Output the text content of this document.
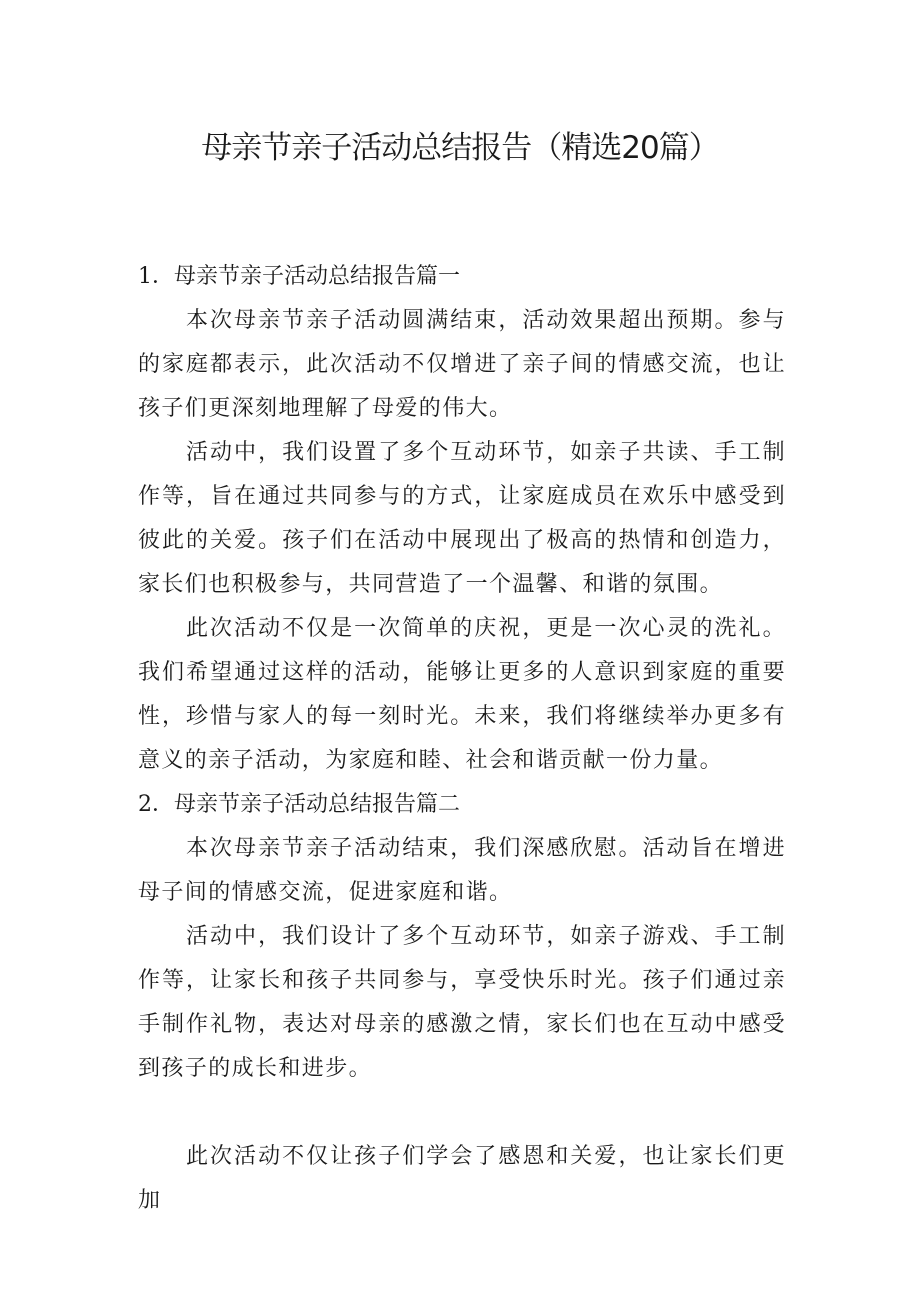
母亲节亲子活动总结报告（精选20篇）

1．母亲节亲子活动总结报告篇一

本次母亲节亲子活动圆满结束，活动效果超出预期。参与的家庭都表示，此次活动不仅增进了亲子间的情感交流，也让孩子们更深刻地理解了母爱的伟大。

活动中，我们设置了多个互动环节，如亲子共读、手工制作等，旨在通过共同参与的方式，让家庭成员在欢乐中感受到彼此的关爱。孩子们在活动中展现出了极高的热情和创造力，家长们也积极参与，共同营造了一个温馨、和谐的氛围。

此次活动不仅是一次简单的庆祝，更是一次心灵的洗礼。我们希望通过这样的活动，能够让更多的人意识到家庭的重要性，珍惜与家人的每一刻时光。未来，我们将继续举办更多有意义的亲子活动，为家庭和睦、社会和谐贡献一份力量。

2．母亲节亲子活动总结报告篇二

本次母亲节亲子活动结束，我们深感欣慰。活动旨在增进母子间的情感交流，促进家庭和谐。

活动中，我们设计了多个互动环节，如亲子游戏、手工制作等，让家长和孩子共同参与，享受快乐时光。孩子们通过亲手制作礼物，表达对母亲的感激之情，家长们也在互动中感受到孩子的成长和进步。

此次活动不仅让孩子们学会了感恩和关爱，也让家长们更加
